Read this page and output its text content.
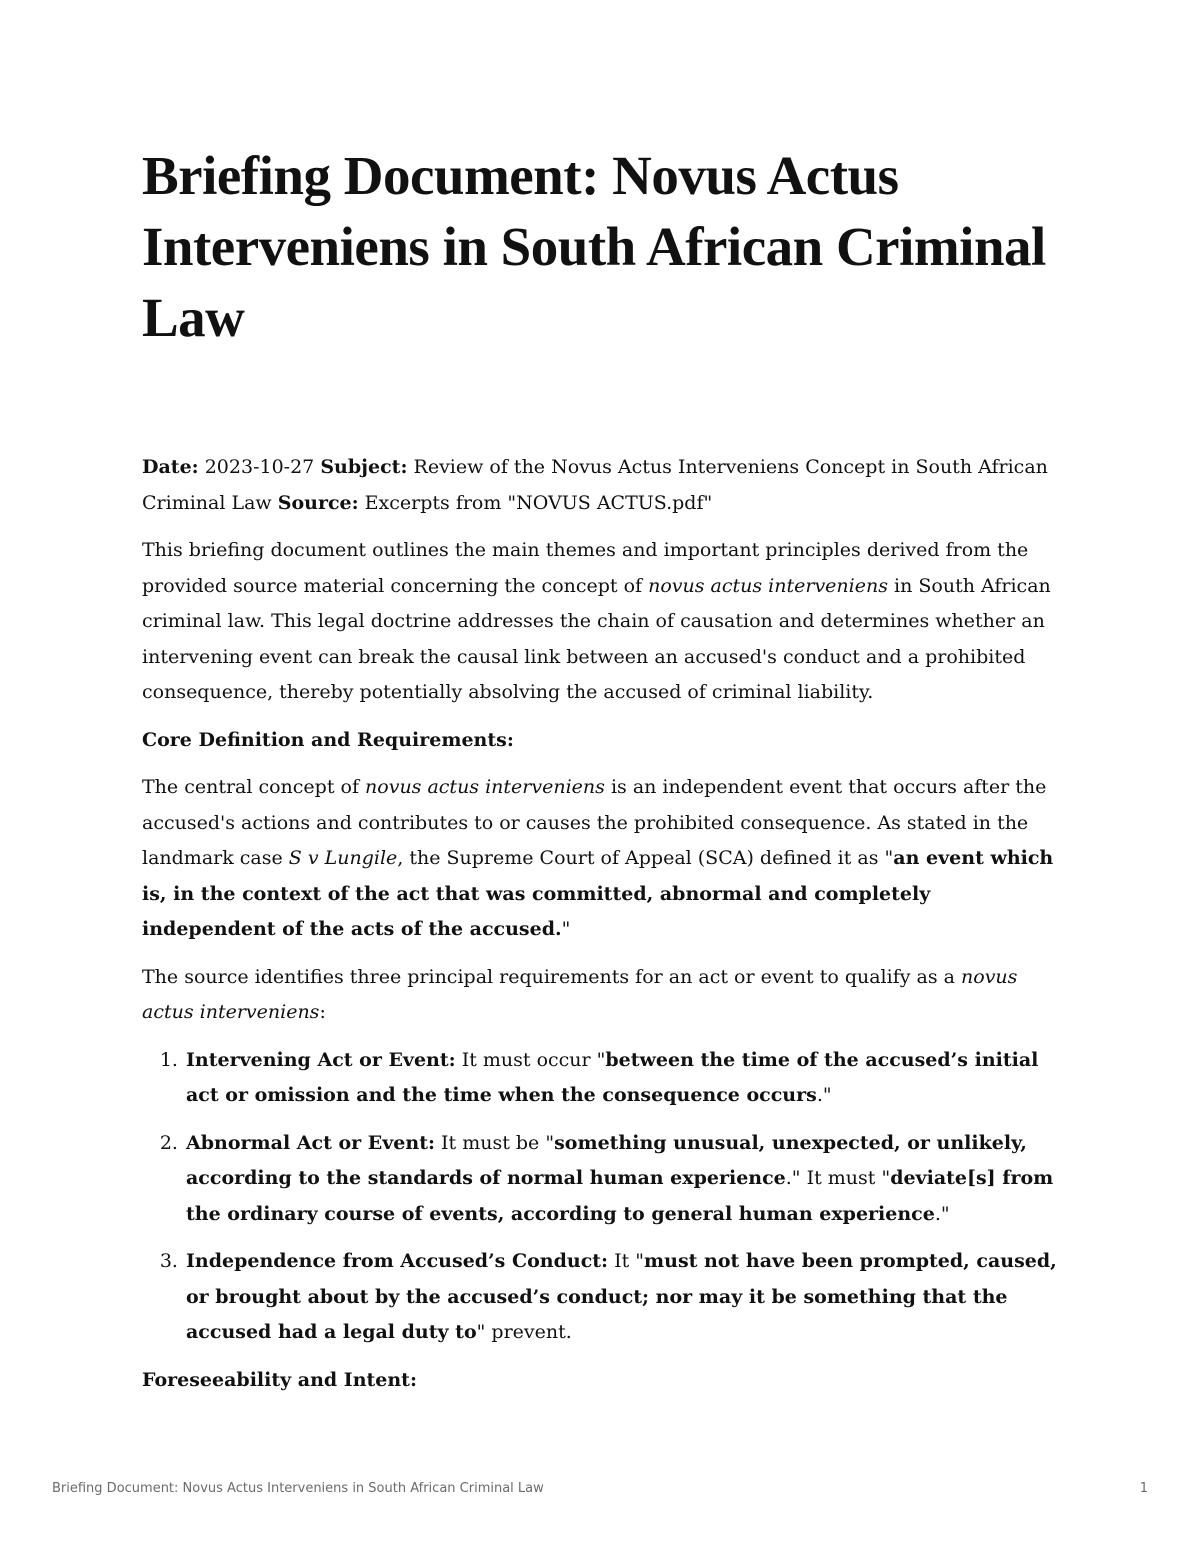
Briefing Document: Novus Actus Interveniens in South African Criminal Law

Date: 2023-10-27 Subject: Review of the Novus Actus Interveniens Concept in South African Criminal Law Source: Excerpts from "NOVUS ACTUS.pdf"

This briefing document outlines the main themes and important principles derived from the provided source material concerning the concept of novus actus interveniens in South African criminal law. This legal doctrine addresses the chain of causation and determines whether an intervening event can break the causal link between an accused's conduct and a prohibited consequence, thereby potentially absolving the accused of criminal liability.

Core Definition and Requirements:

The central concept of novus actus interveniens is an independent event that occurs after the accused's actions and contributes to or causes the prohibited consequence. As stated in the landmark case S v Lungile, the Supreme Court of Appeal (SCA) defined it as "an event which is, in the context of the act that was committed, abnormal and completely independent of the acts of the accused."

The source identifies three principal requirements for an act or event to qualify as a novus actus interveniens:

1. Intervening Act or Event: It must occur "between the time of the accused’s initial act or omission and the time when the consequence occurs."
2. Abnormal Act or Event: It must be "something unusual, unexpected, or unlikely, according to the standards of normal human experience." It must "deviate[s] from the ordinary course of events, according to general human experience."
3. Independence from Accused’s Conduct: It "must not have been prompted, caused, or brought about by the accused’s conduct; nor may it be something that the accused had a legal duty to" prevent.
Foreseeability and Intent:
Briefing Document: Novus Actus Interveniens in South African Criminal Law	1
